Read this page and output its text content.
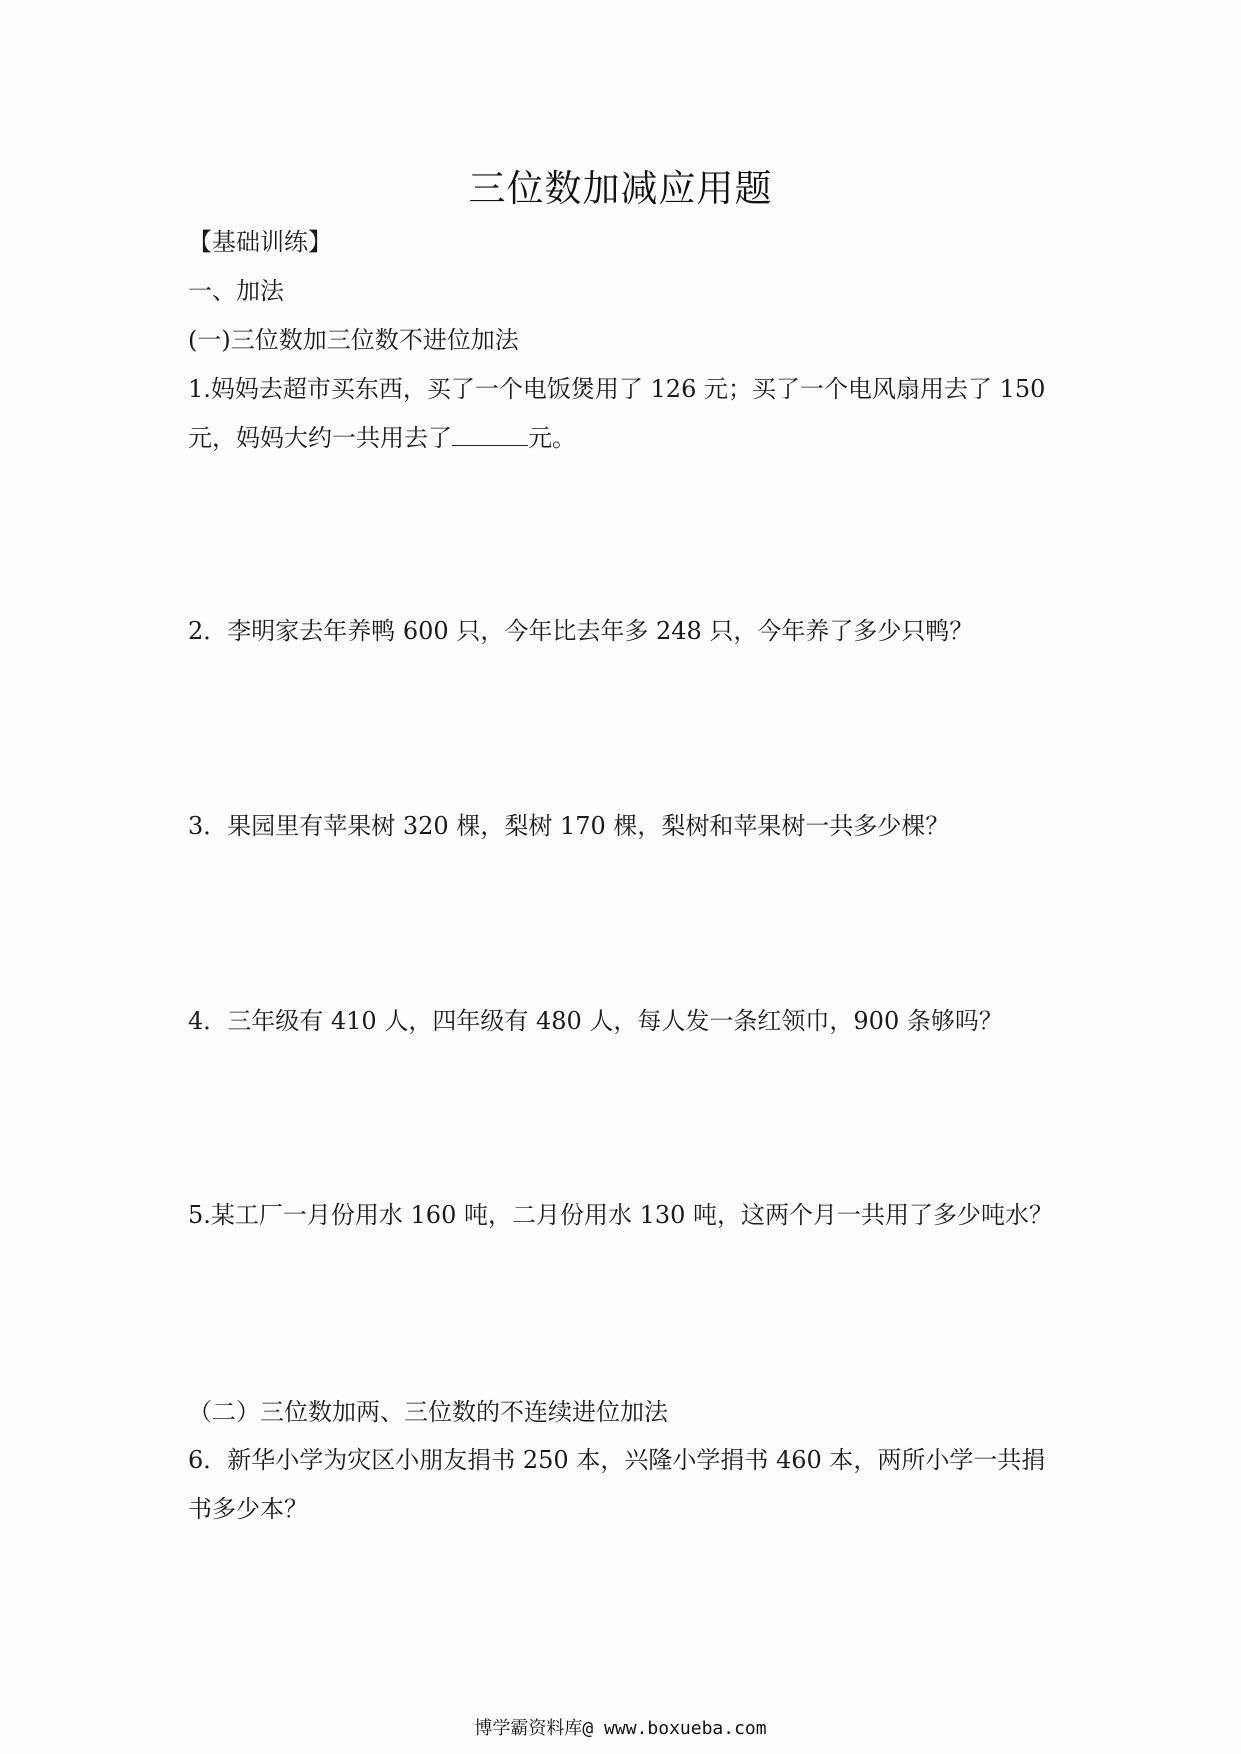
三位数加减应用题
【基础训练】
一、加法
(一)三位数加三位数不进位加法
1.妈妈去超市买东西，买了一个电饭煲用了 126 元；买了一个电风扇用去了 150
元，妈妈大约一共用去了	元。
2．李明家去年养鸭 600 只，今年比去年多 248 只，今年养了多少只鸭？
3．果园里有苹果树 320 棵，梨树 170 棵，梨树和苹果树一共多少棵？
4．三年级有 410 人，四年级有 480 人，每人发一条红领巾，900 条够吗？
5.某工厂一月份用水 160 吨，二月份用水 130 吨，这两个月一共用了多少吨水？
（二）三位数加两、三位数的不连续进位加法
6．新华小学为灾区小朋友捐书 250 本，兴隆小学捐书 460 本，两所小学一共捐
书多少本？
博学霸资料库@ www.boxueba.com
